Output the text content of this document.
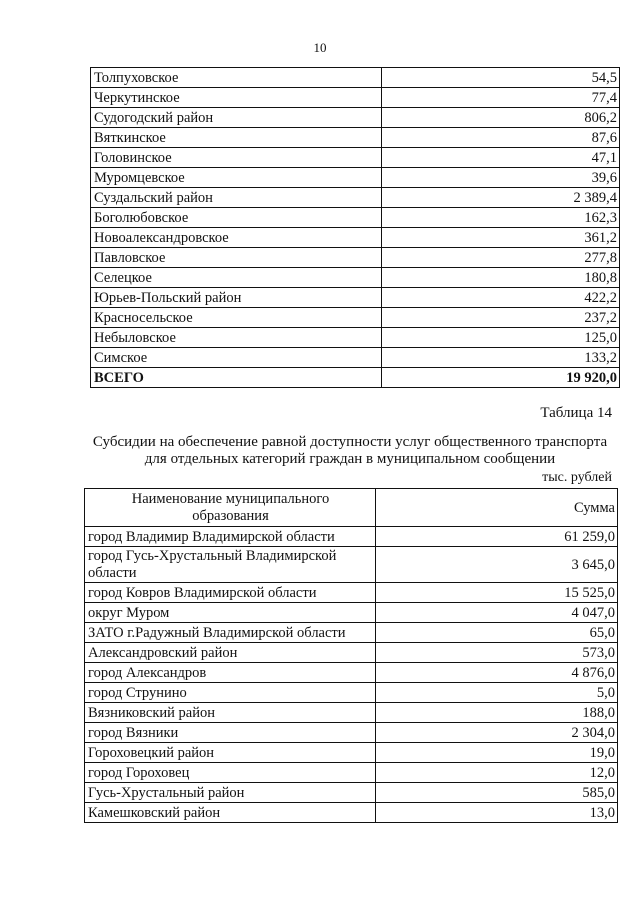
10
Толпуховское	54,5
Черкутинское	77,4
Судогодский район	806,2
Вяткинское	87,6
Головинское	47,1
Муромцевское	39,6
Суздальский район	2 389,4
Боголюбовское	162,3
Новоалександровское	361,2
Павловское	277,8
Селецкое	180,8
Юрьев-Польский район	422,2
Красносельское	237,2
Небыловское	125,0
Симское	133,2
ВСЕГО	19 920,0
Таблица 14
Субсидии на обеспечение равной доступности услуг общественного транспорта
для отдельных категорий граждан в муниципальном сообщении
тыс. рублей
Наименование муниципального
образования	Сумма
город Владимир Владимирской области	61 259,0
город Гусь-Хрустальный Владимирской области	3 645,0
город Ковров Владимирской области	15 525,0
округ Муром	4 047,0
ЗАТО г.Радужный Владимирской области	65,0
Александровский район	573,0
город Александров	4 876,0
город Струнино	5,0
Вязниковский район	188,0
город Вязники	2 304,0
Гороховецкий район	19,0
город Гороховец	12,0
Гусь-Хрустальный район	585,0
Камешковский район	13,0
